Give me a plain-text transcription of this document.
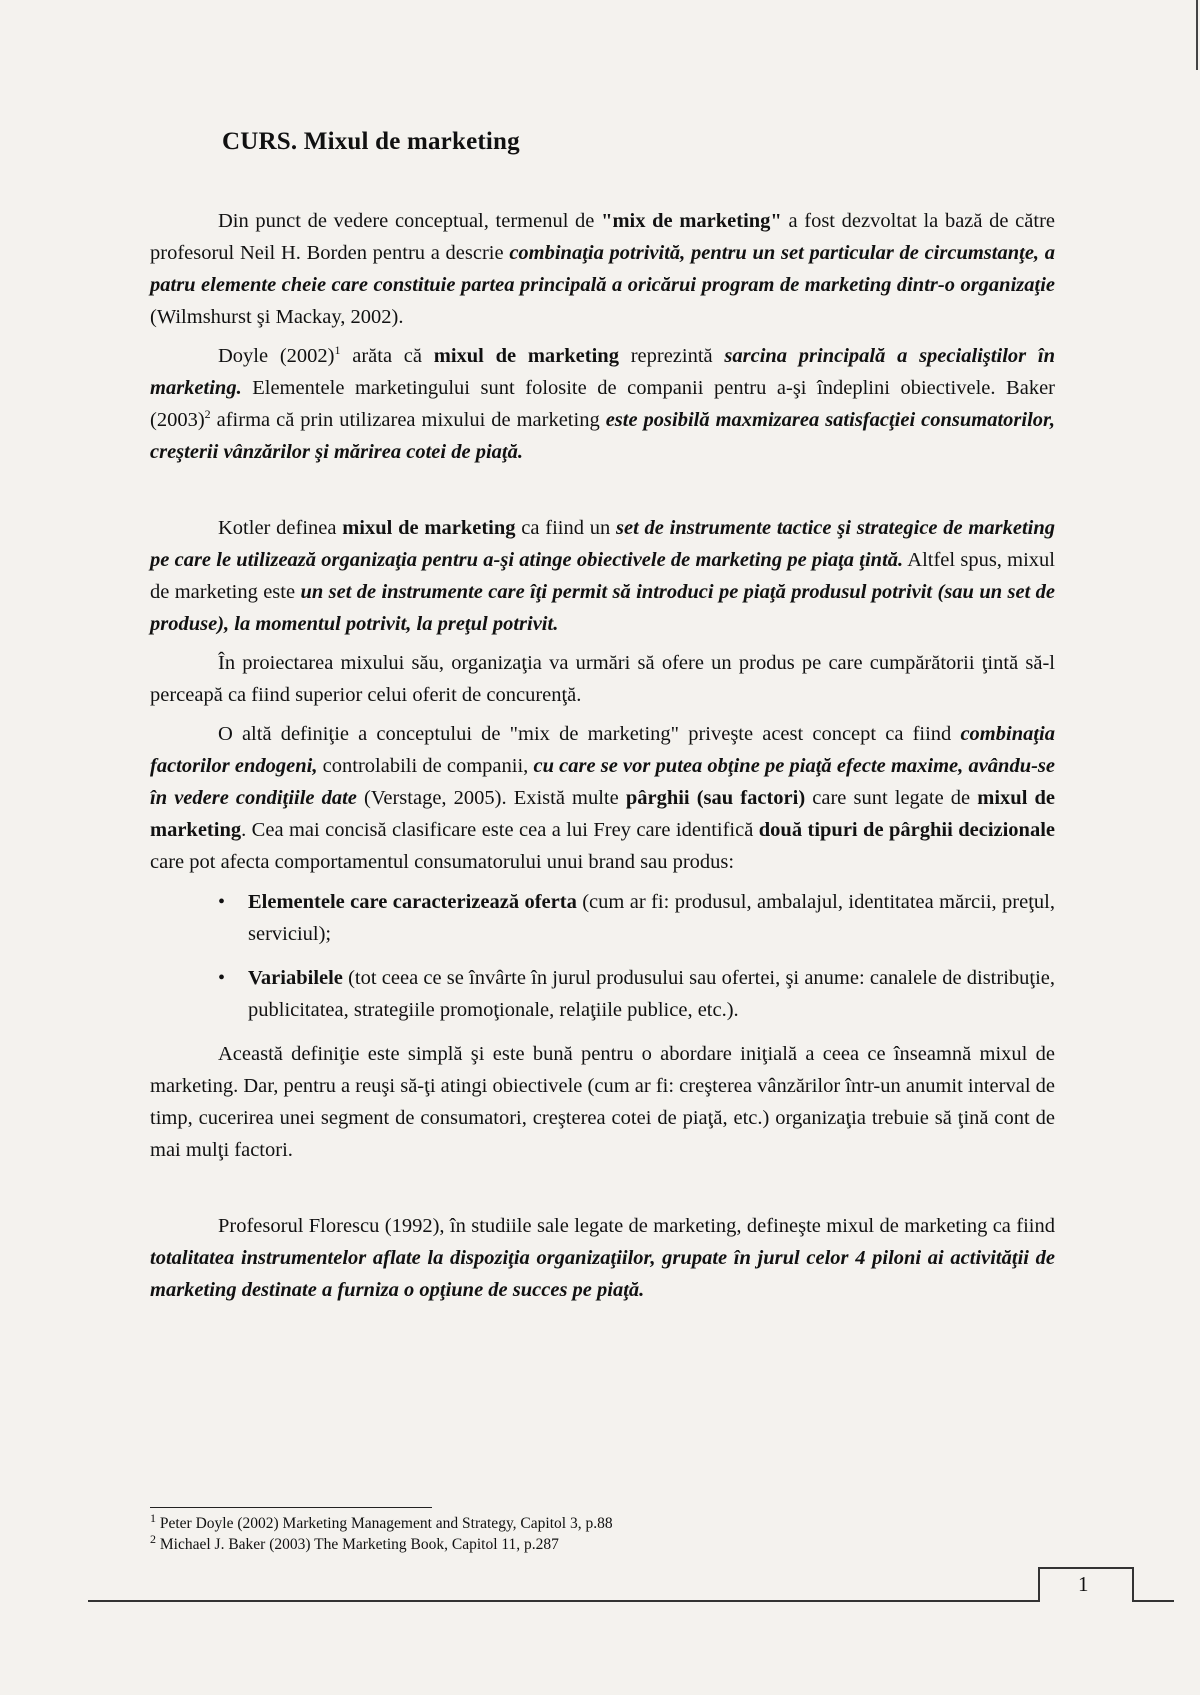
CURS. Mixul de marketing

Din punct de vedere conceptual, termenul de "mix de marketing" a fost dezvoltat la bază de către profesorul Neil H. Borden pentru a descrie combinaţia potrivită, pentru un set particular de circumstanţe, a patru elemente cheie care constituie partea principală a oricărui program de marketing dintr-o organizaţie (Wilmshurst şi Mackay, 2002).

Doyle $(2002)^1$ arăta că mixul de marketing reprezintă sarcina principală a specialiştilor în marketing. Elementele marketingului sunt folosite de companii pentru a-şi îndeplini obiectivele. Baker $(2003)^2$ afirma că prin utilizarea mixului de marketing este posibilă maxmizarea satisfacţiei consumatorilor, creşterii vânzărilor şi mărirea cotei de piaţă.

Kotler definea mixul de marketing ca fiind un set de instrumente tactice şi strategice de marketing pe care le utilizează organizaţia pentru a-şi atinge obiectivele de marketing pe piaţa ţintă. Altfel spus, mixul de marketing este un set de instrumente care îţi permit să introduci pe piaţă produsul potrivit (sau un set de produse), la momentul potrivit, la preţul potrivit.

În proiectarea mixului său, organizaţia va urmări să ofere un produs pe care cumpărătorii ţintă să-l perceapă ca fiind superior celui oferit de concurenţă.

O altă definiţie a conceptului de "mix de marketing" priveşte acest concept ca fiind combinaţia factorilor endogeni, controlabili de companii, cu care se vor putea obţine pe piaţă efecte maxime, avându-se în vedere condiţiile date (Verstage, 2005). Există multe pârghii (sau factori) care sunt legate de mixul de marketing. Cea mai concisă clasificare este cea a lui Frey care identifică două tipuri de pârghii decizionale care pot afecta comportamentul consumatorului unui brand sau produs:

• Elementele care caracterizează oferta (cum ar fi: produsul, ambalajul, identitatea mărcii, preţul, serviciul);
• Variabilele (tot ceea ce se învârte în jurul produsului sau ofertei, şi anume: canalele de distribuţie, publicitatea, strategiile promoţionale, relaţiile publice, etc.).

Această definiţie este simplă şi este bună pentru o abordare iniţială a ceea ce înseamnă mixul de marketing. Dar, pentru a reuşi să-ţi atingi obiectivele (cum ar fi: creşterea vânzărilor într-un anumit interval de timp, cucerirea unei segment de consumatori, creşterea cotei de piaţă, etc.) organizaţia trebuie să ţină cont de mai mulţi factori.

Profesorul Florescu (1992), în studiile sale legate de marketing, defineşte mixul de marketing ca fiind totalitatea instrumentelor aflate la dispoziţia organizaţiilor, grupate în jurul celor 4 piloni ai activităţii de marketing destinate a furniza o opţiune de succes pe piaţă.

$^1$ Peter Doyle (2002) Marketing Management and Strategy, Capitol 3, p.88
$^2$ Michael J. Baker (2003) The Marketing Book, Capitol 11, p.287
1
